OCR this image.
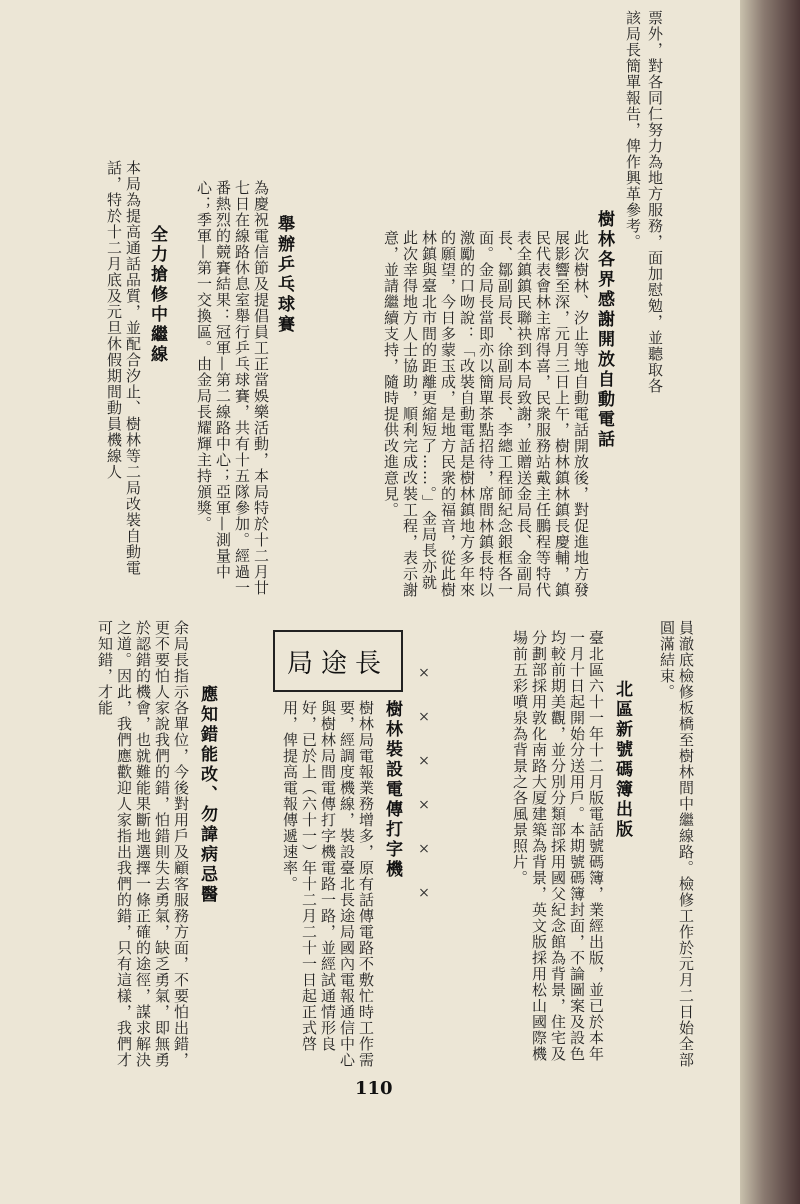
票外，對各同仁努力為地方服務，面加慰勉，並聽取各
該局長簡單報告，俾作興革參考。
樹林各界感謝開放自動電話
此次樹林、汐止等地自動電話開放後，對促進地方發展影響至深，元月三日上午，樹林鎮林鎮長慶輔，鎮民代表會林主席得喜，民衆服務站戴主任鵬程等特代表全鎮鎮民聯袂到本局致謝，並贈送金局長、金副局長、鄒副局長、徐副局長、李總工程師紀念銀框各一面。金局長當即亦以簡單茶點招待，席間林鎮長特以激勵的口吻說：「改裝自動電話是樹林鎮地方多年來的願望，今日多蒙玉成，是地方民衆的福音，從此樹林鎮與臺北市間的距離更縮短了……。」金局長亦就此次幸得地方人士協助，順利完成改裝工程，表示謝意，並請繼續支持，隨時提供改進意見。
舉辦乒乓球賽
為慶祝電信節及提倡員工正當娛樂活動，本局特於十二月廿七日在線路休息室舉行乒乓球賽，共有十五隊參加。經過一番熱烈的競賽結果：冠軍—第二線路中心；亞軍—測量中心；季軍—第一交換區。由金局長耀輝主持頒獎。
全力搶修中繼線
本局為提高通話品質，並配合汐止、樹林等二局改裝自動電話，特於十二月底及元旦休假期間動員機線人
員澈底檢修板橋至樹林間中繼線路。檢修工作於元月二日始全部圓滿結束。
北區新號碼簿出版
臺北區六十一年十二月版電話號碼簿，業經出版，並已於本年一月十日起開始分送用戶。本期號碼簿封面，不論圖案及設色均較前期美觀，並分別分類部採用國父紀念館為背景，住宅及分劃部採用敦化南路大厦建築為背景，英文版採用松山國際機場前五彩噴泉為背景之各風景照片。
××××××
樹林裝設電傳打字機
樹林局電報業務增多，原有話傳電路不敷忙時工作需要，經調度機線，裝設臺北長途局國內電報通信中心與樹林局間電傳打字機電路一路，並經試通情形良好，已於上（六十一）年十二月二十一日起正式啓用，俾提高電報傳遞速率。
局途長
應知錯能改、勿諱病忌醫
余局長指示各單位，今後對用戶及顧客服務方面，不要怕出錯，更不要怕人家說我們的錯，怕錯則失去勇氣，缺乏勇氣，即無勇於認錯的機會，也就難能果斷地選擇一條正確的途徑，謀求解決之道。因此，我們應歡迎人家指出我們的錯，只有這樣，我們才可知錯，才能
110
